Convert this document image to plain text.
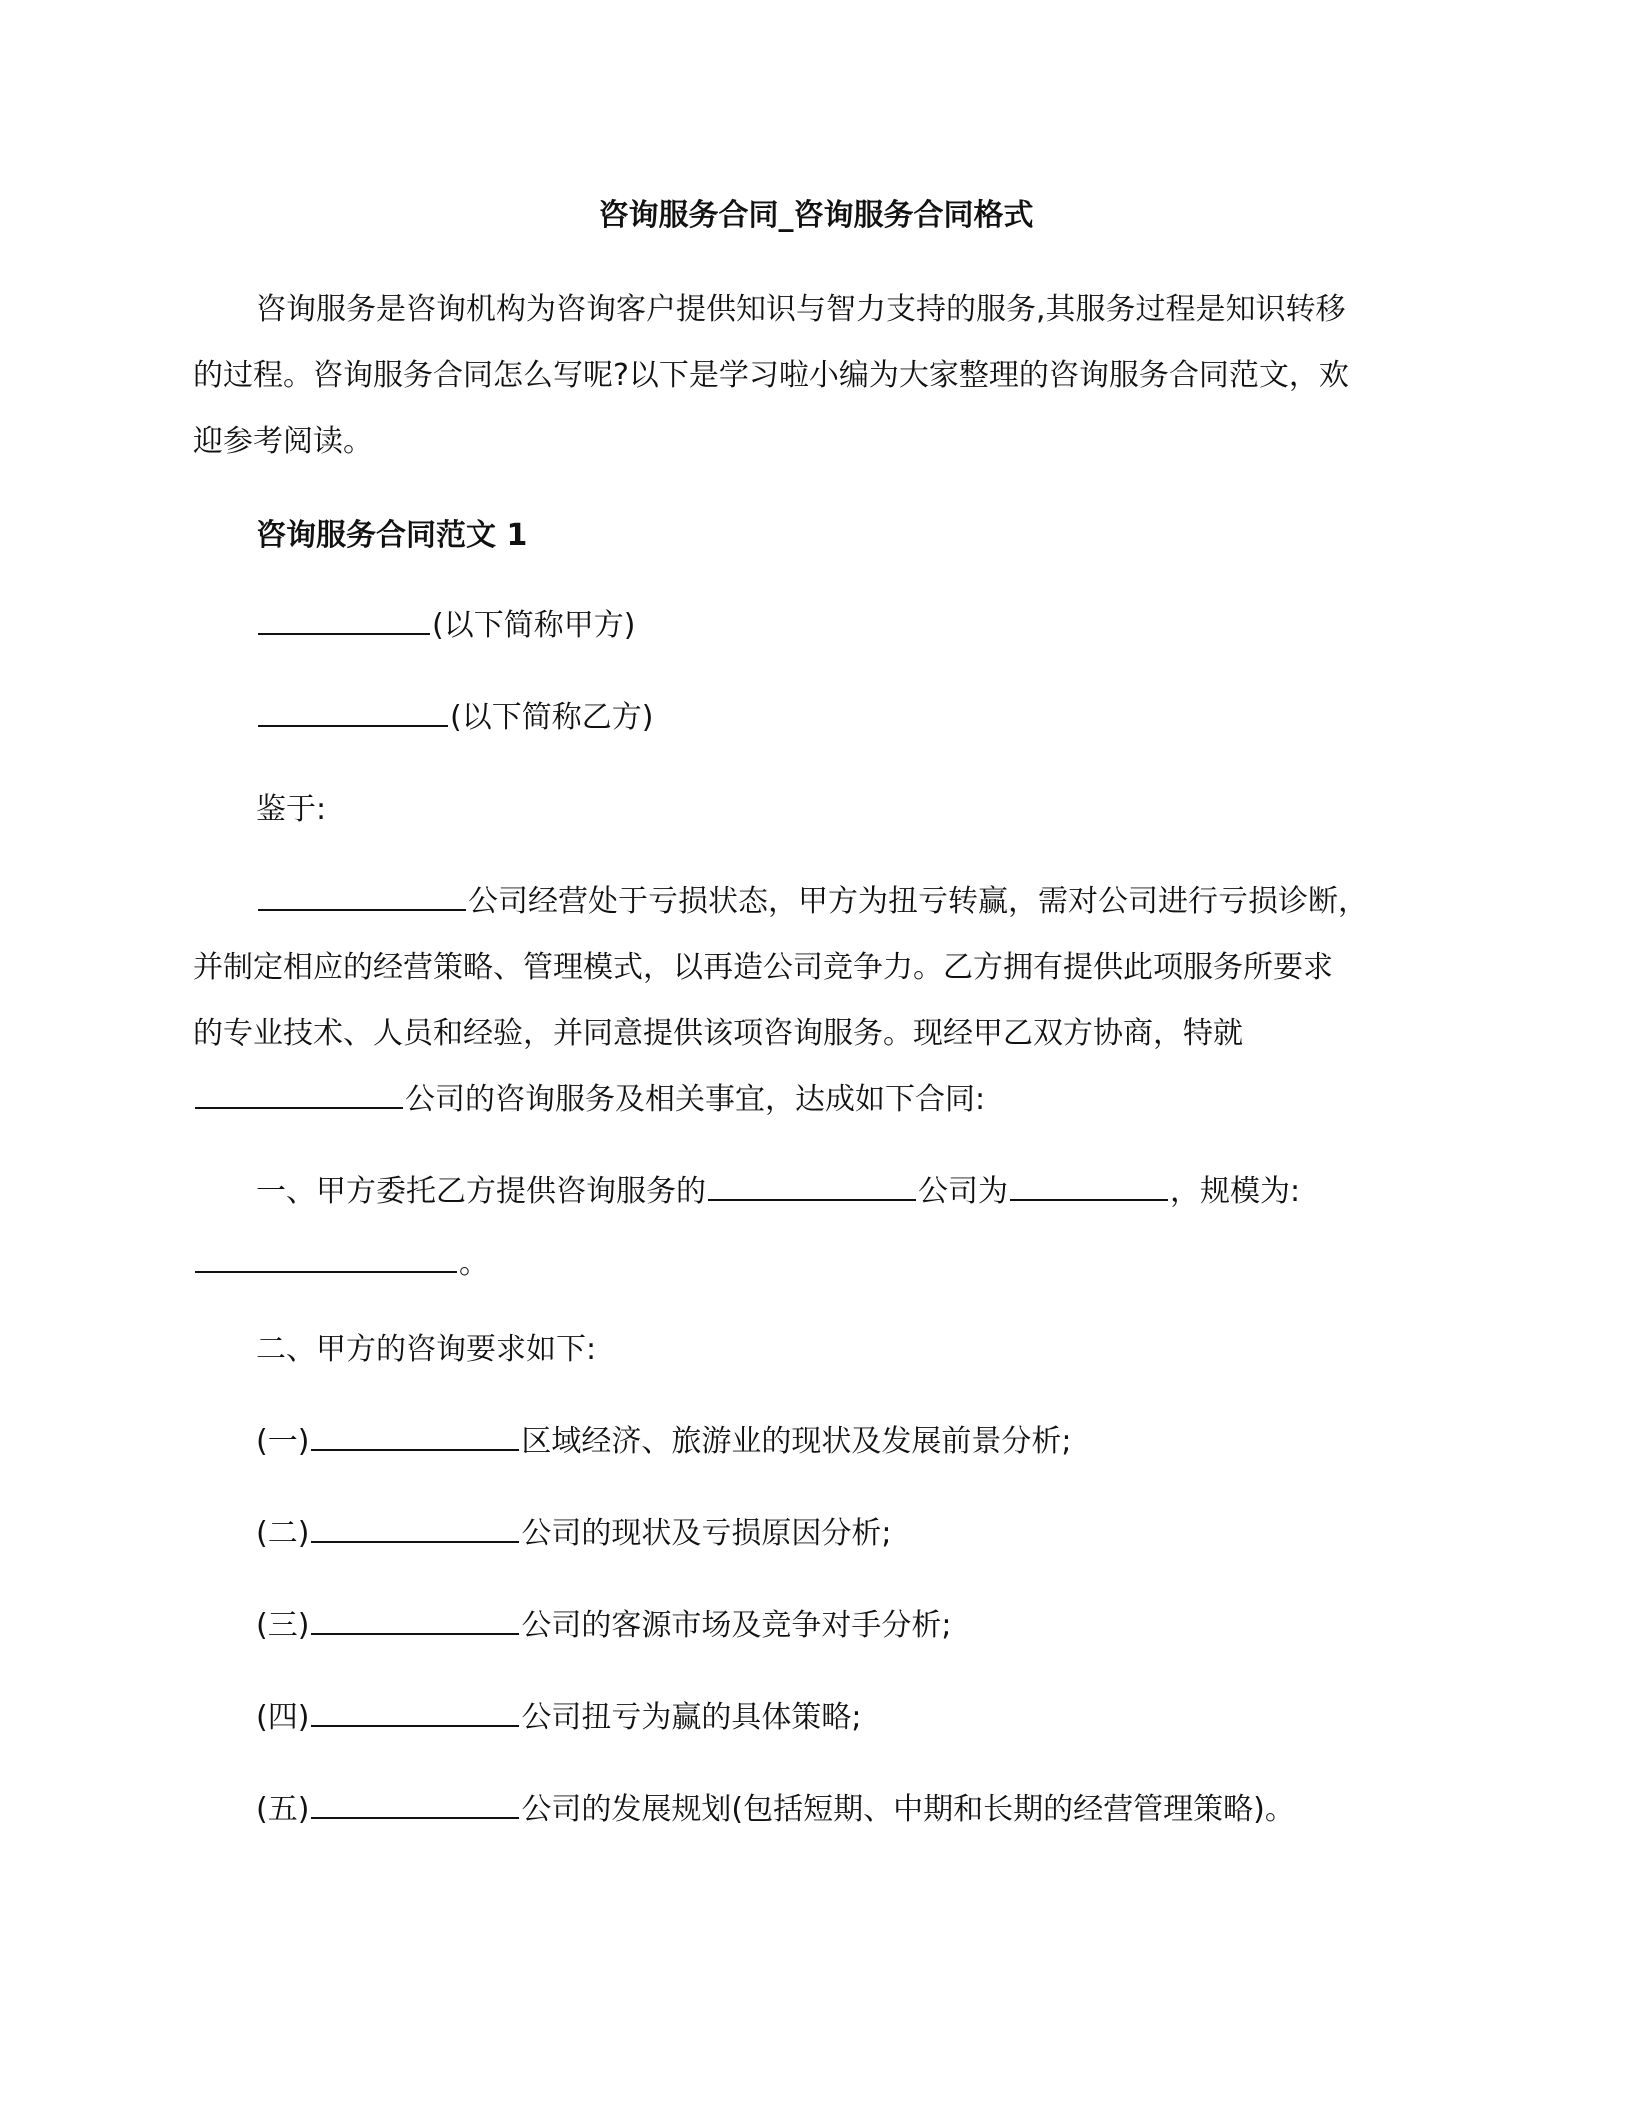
咨询服务合同_咨询服务合同格式
咨询服务是咨询机构为咨询客户提供知识与智力支持的服务,其服务过程是知识转移
的过程。咨询服务合同怎么写呢?以下是学习啦小编为大家整理的咨询服务合同范文，欢
迎参考阅读。
咨询服务合同范文 1
(以下简称甲方)
(以下简称乙方)
鉴于:
公司经营处于亏损状态，甲方为扭亏转赢，需对公司进行亏损诊断，
并制定相应的经营策略、管理模式，以再造公司竞争力。乙方拥有提供此项服务所要求
的专业技术、人员和经验，并同意提供该项咨询服务。现经甲乙双方协商，特就
公司的咨询服务及相关事宜，达成如下合同:
一、甲方委托乙方提供咨询服务的	公司为	，规模为:
。
二、甲方的咨询要求如下:
(一)	区域经济、旅游业的现状及发展前景分析;
(二)	公司的现状及亏损原因分析;
(三)	公司的客源市场及竞争对手分析;
(四)	公司扭亏为赢的具体策略;
(五)	公司的发展规划(包括短期、中期和长期的经营管理策略)。
